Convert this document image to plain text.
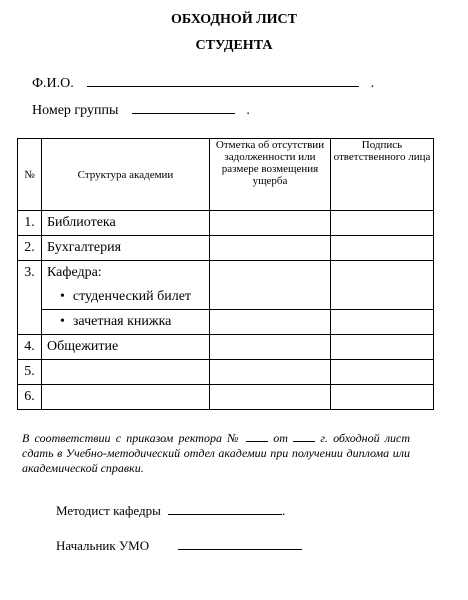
ОБХОДНОЙ ЛИСТ
СТУДЕНТА
Ф.И.О.	.
Номер группы	.
№	Структура академии	Отметка об отсутствии задолженности или размере возмещения ущерба	Подпись ответственного лица
1.	Библиотека		
2.	Бухгалтерия		
3.	Кафедра:		
	• студенческий билет
	• зачетная книжка		
4.	Общежитие		
5.			
6.			
В соответствии с приказом ректора №	от	г. обходной лист сдать в Учебно-методический отдел академии при получении диплома или академической справки.
Методист кафедры	.
Начальник УМО
